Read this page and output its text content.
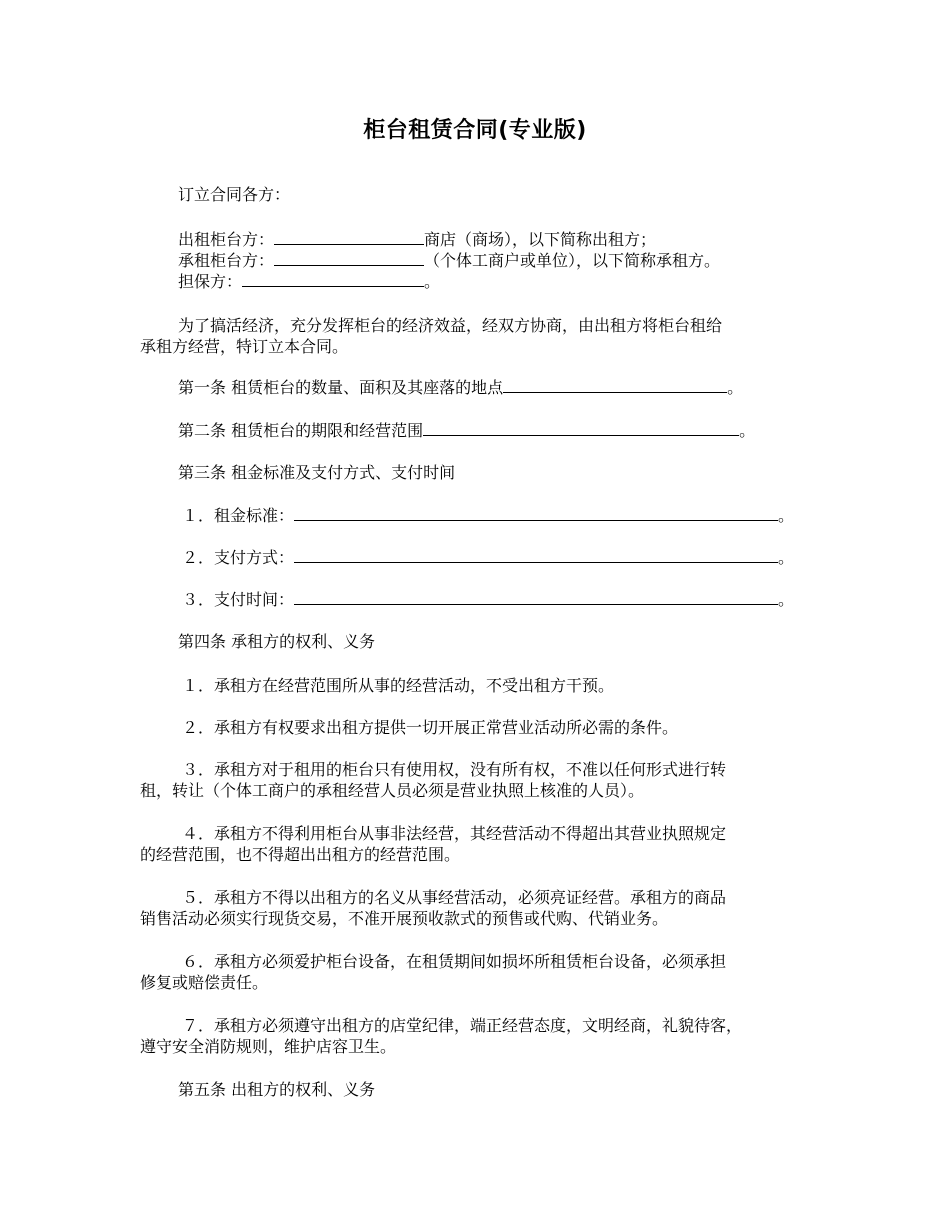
柜台租赁合同(专业版)
订立合同各方：
出租柜台方：	商店（商场），以下简称出租方；
承租柜台方：	（个体工商户或单位），以下简称承租方。
担保方：	。
为了搞活经济，充分发挥柜台的经济效益，经双方协商，由出租方将柜台租给
承租方经营，特订立本合同。
第一条 租赁柜台的数量、面积及其座落的地点	。
第二条 租赁柜台的期限和经营范围	。
第三条 租金标准及支付方式、支付时间
１．租金标准：	。
２．支付方式：	。
３．支付时间：	。
第四条 承租方的权利、义务
１．承租方在经营范围所从事的经营活动，不受出租方干预。
２．承租方有权要求出租方提供一切开展正常营业活动所必需的条件。
３．承租方对于租用的柜台只有使用权，没有所有权，不准以任何形式进行转
租，转让（个体工商户的承租经营人员必须是营业执照上核准的人员）。
４．承租方不得利用柜台从事非法经营，其经营活动不得超出其营业执照规定
的经营范围，也不得超出出租方的经营范围。
５．承租方不得以出租方的名义从事经营活动，必须亮证经营。承租方的商品
销售活动必须实行现货交易，不准开展预收款式的预售或代购、代销业务。
６．承租方必须爱护柜台设备，在租赁期间如损坏所租赁柜台设备，必须承担
修复或赔偿责任。
７．承租方必须遵守出租方的店堂纪律，端正经营态度，文明经商，礼貌待客，
遵守安全消防规则，维护店容卫生。
第五条 出租方的权利、义务
